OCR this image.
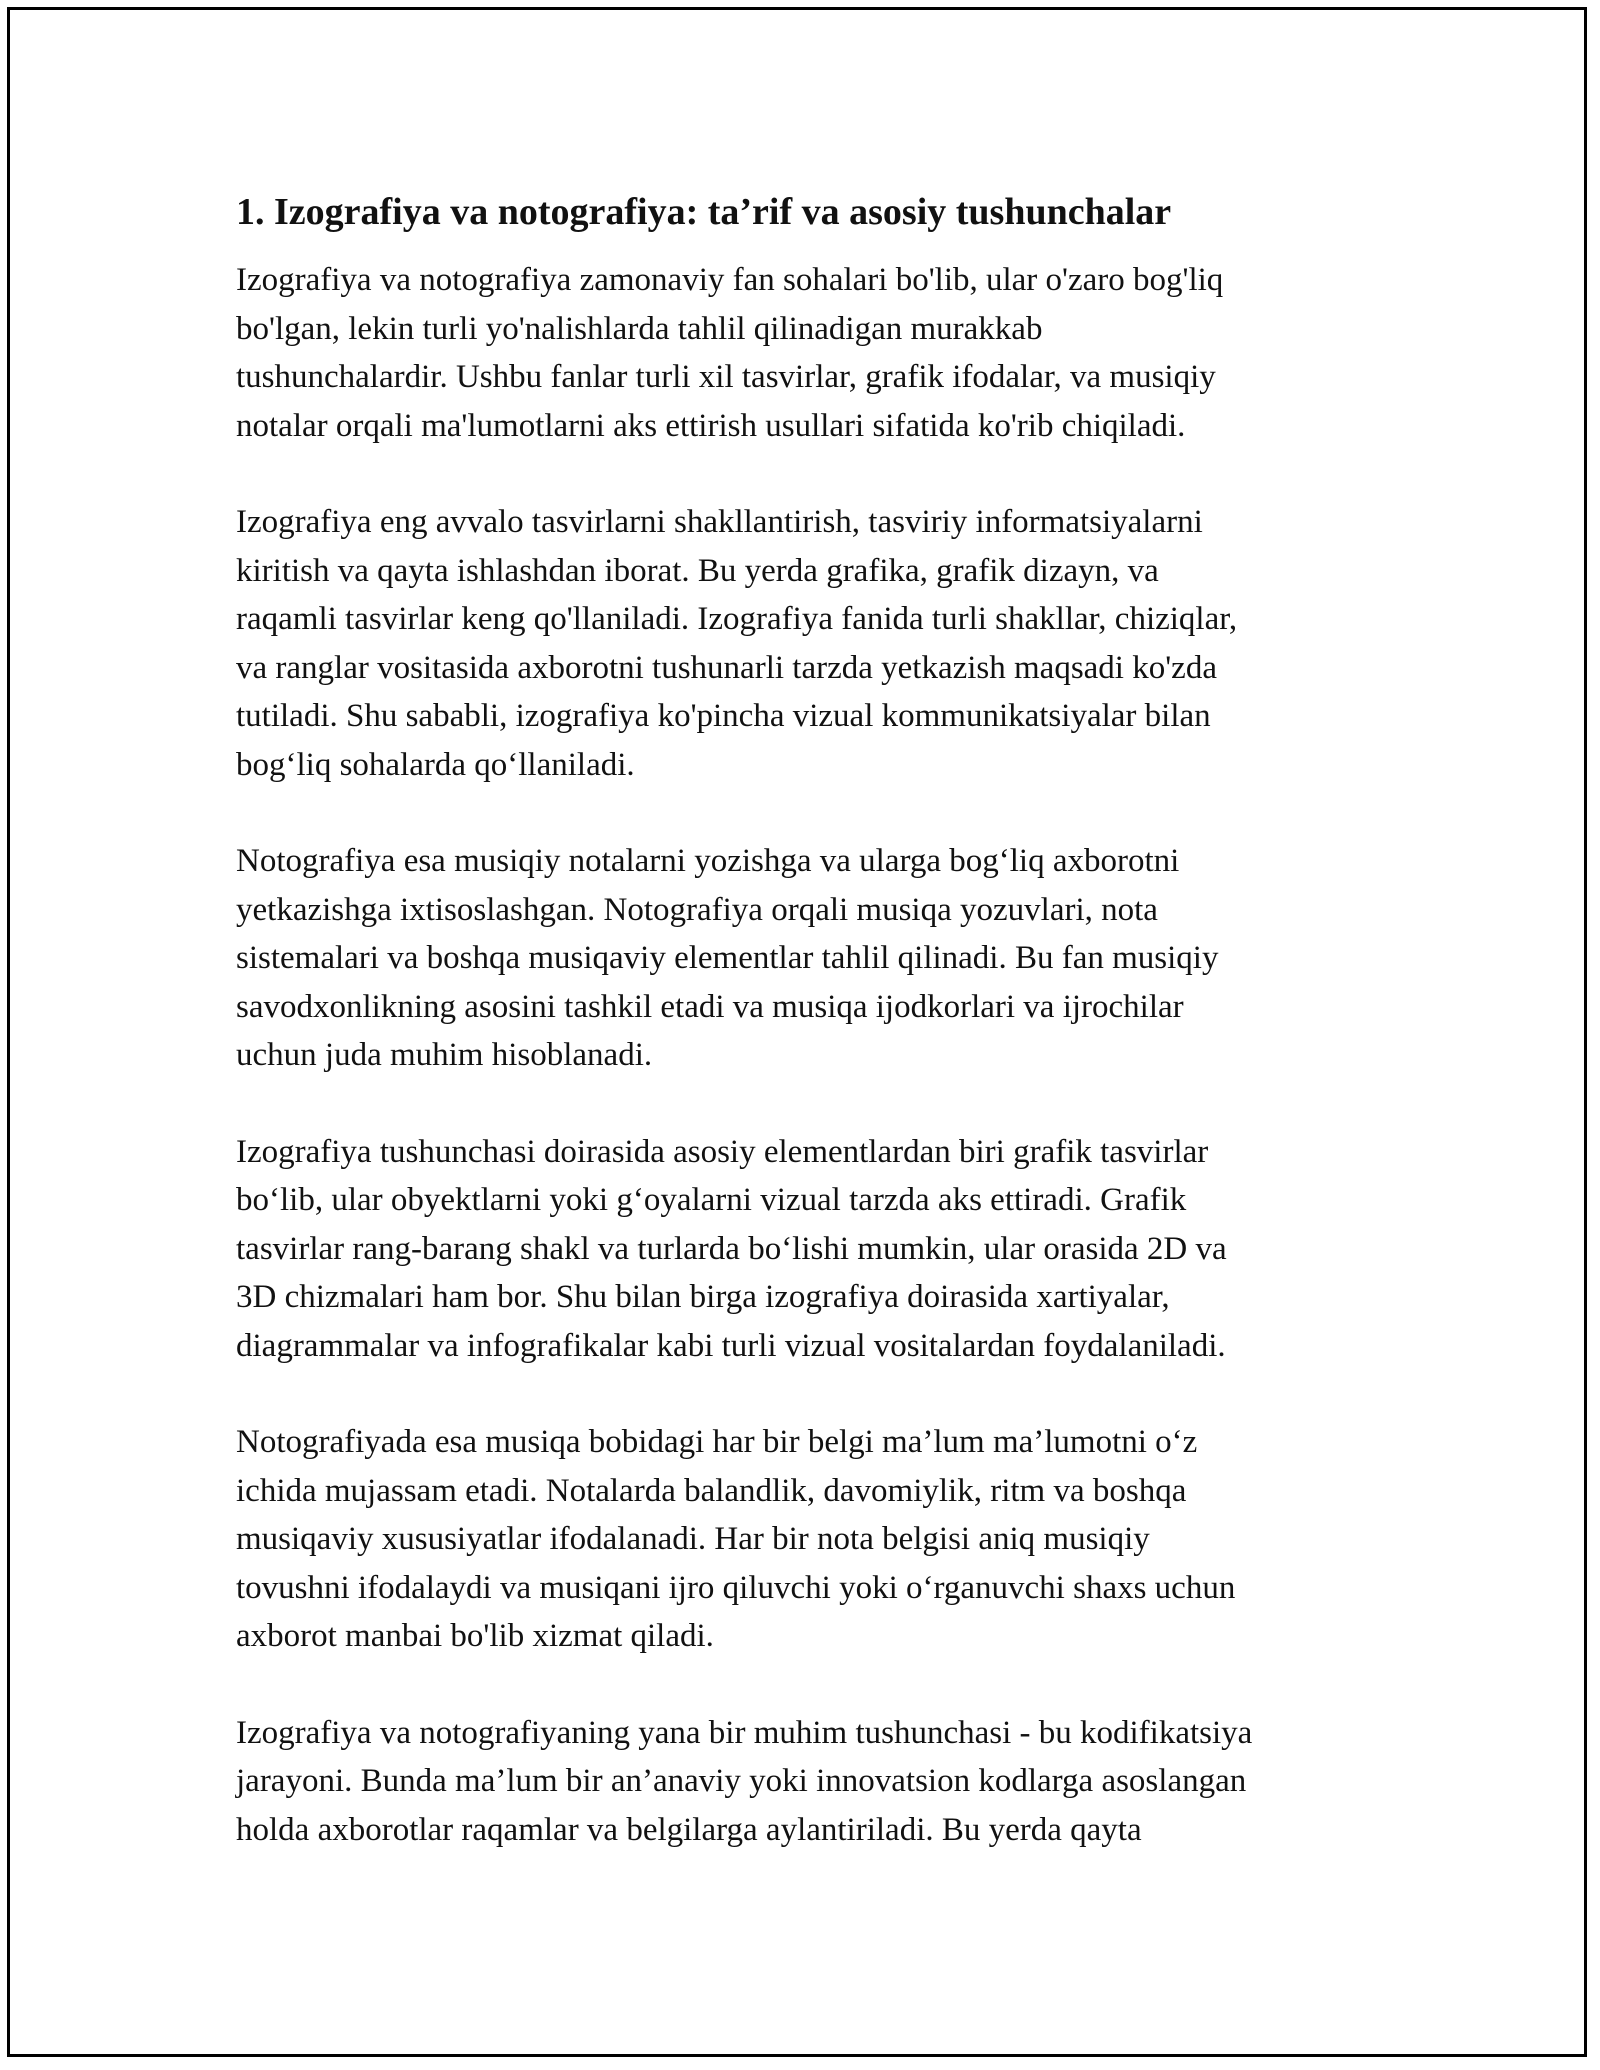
1. Izografiya va notografiya: ta’rif va asosiy tushunchalar

Izografiya va notografiya zamonaviy fan sohalari bo'lib, ular o'zaro bog'liq
bo'lgan, lekin turli yo'nalishlarda tahlil qilinadigan murakkab
tushunchalardir. Ushbu fanlar turli xil tasvirlar, grafik ifodalar, va musiqiy
notalar orqali ma'lumotlarni aks ettirish usullari sifatida ko'rib chiqiladi.

Izografiya eng avvalo tasvirlarni shakllantirish, tasviriy informatsiyalarni
kiritish va qayta ishlashdan iborat. Bu yerda grafika, grafik dizayn, va
raqamli tasvirlar keng qo'llaniladi. Izografiya fanida turli shakllar, chiziqlar,
va ranglar vositasida axborotni tushunarli tarzda yetkazish maqsadi ko'zda
tutiladi. Shu sababli, izografiya ko'pincha vizual kommunikatsiyalar bilan
bog‘liq sohalarda qo‘llaniladi.

Notografiya esa musiqiy notalarni yozishga va ularga bog‘liq axborotni
yetkazishga ixtisoslashgan. Notografiya orqali musiqa yozuvlari, nota
sistemalari va boshqa musiqaviy elementlar tahlil qilinadi. Bu fan musiqiy
savodxonlikning asosini tashkil etadi va musiqa ijodkorlari va ijrochilar
uchun juda muhim hisoblanadi.

Izografiya tushunchasi doirasida asosiy elementlardan biri grafik tasvirlar
bo‘lib, ular obyektlarni yoki g‘oyalarni vizual tarzda aks ettiradi. Grafik
tasvirlar rang-barang shakl va turlarda bo‘lishi mumkin, ular orasida 2D va
3D chizmalari ham bor. Shu bilan birga izografiya doirasida xartiyalar,
diagrammalar va infografikalar kabi turli vizual vositalardan foydalaniladi.

Notografiyada esa musiqa bobidagi har bir belgi ma’lum ma’lumotni o‘z
ichida mujassam etadi. Notalarda balandlik, davomiylik, ritm va boshqa
musiqaviy xususiyatlar ifodalanadi. Har bir nota belgisi aniq musiqiy
tovushni ifodalaydi va musiqani ijro qiluvchi yoki o‘rganuvchi shaxs uchun
axborot manbai bo'lib xizmat qiladi.

Izografiya va notografiyaning yana bir muhim tushunchasi - bu kodifikatsiya
jarayoni. Bunda ma’lum bir an’anaviy yoki innovatsion kodlarga asoslangan
holda axborotlar raqamlar va belgilarga aylantiriladi. Bu yerda qayta
